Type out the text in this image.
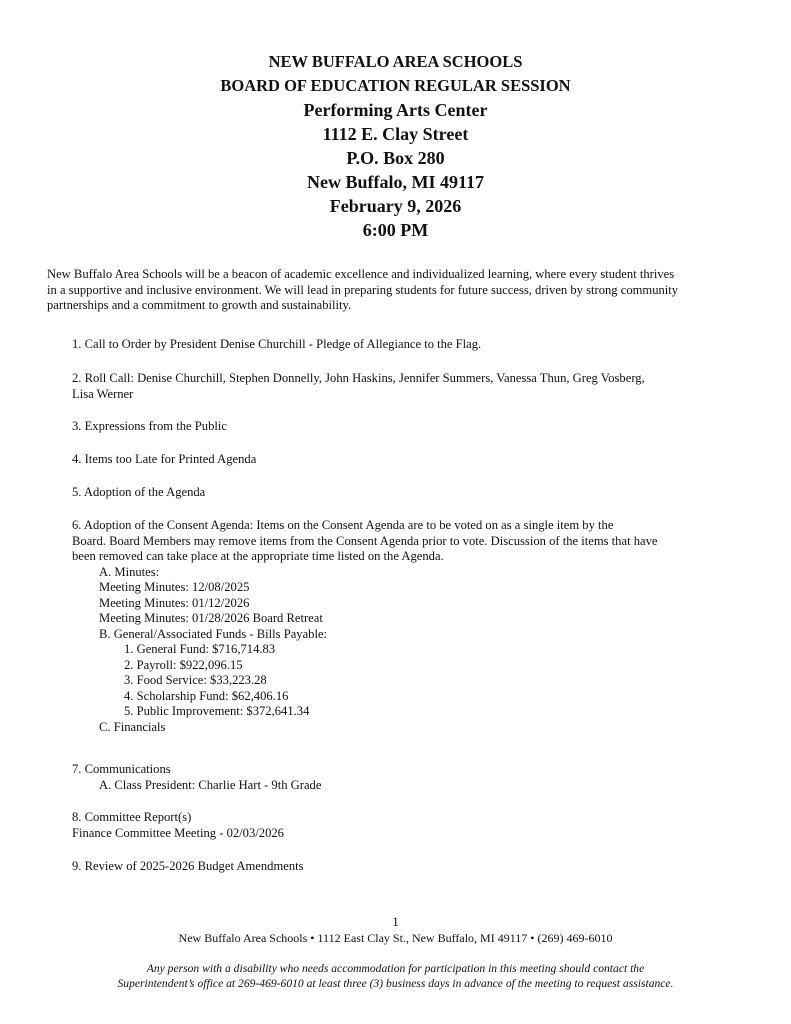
NEW BUFFALO AREA SCHOOLS
BOARD OF EDUCATION REGULAR SESSION
Performing Arts Center
1112 E. Clay Street
P.O. Box 280
New Buffalo, MI 49117
February 9, 2026
6:00 PM
New Buffalo Area Schools will be a beacon of academic excellence and individualized learning, where every student thrives
in a supportive and inclusive environment. We will lead in preparing students for future success, driven by strong community
partnerships and a commitment to growth and sustainability.
1. Call to Order by President Denise Churchill - Pledge of Allegiance to the Flag.
2. Roll Call: Denise Churchill, Stephen Donnelly, John Haskins, Jennifer Summers, Vanessa Thun, Greg Vosberg,
Lisa Werner
3. Expressions from the Public
4. Items too Late for Printed Agenda
5. Adoption of the Agenda
6. Adoption of the Consent Agenda: Items on the Consent Agenda are to be voted on as a single item by the
Board. Board Members may remove items from the Consent Agenda prior to vote. Discussion of the items that have
been removed can take place at the appropriate time listed on the Agenda.
A. Minutes:
Meeting Minutes: 12/08/2025
Meeting Minutes: 01/12/2026
Meeting Minutes: 01/28/2026 Board Retreat
B. General/Associated Funds - Bills Payable:
1. General Fund: $716,714.83
2. Payroll: $922,096.15
3. Food Service: $33,223.28
4. Scholarship Fund: $62,406.16
5. Public Improvement: $372,641.34
C. Financials
7. Communications
A. Class President: Charlie Hart - 9th Grade
8. Committee Report(s)
Finance Committee Meeting - 02/03/2026
9. Review of 2025-2026 Budget Amendments
1
New Buffalo Area Schools • 1112 East Clay St., New Buffalo, MI 49117 • (269) 469-6010
Any person with a disability who needs accommodation for participation in this meeting should contact the
Superintendent’s office at 269-469-6010 at least three (3) business days in advance of the meeting to request assistance.
